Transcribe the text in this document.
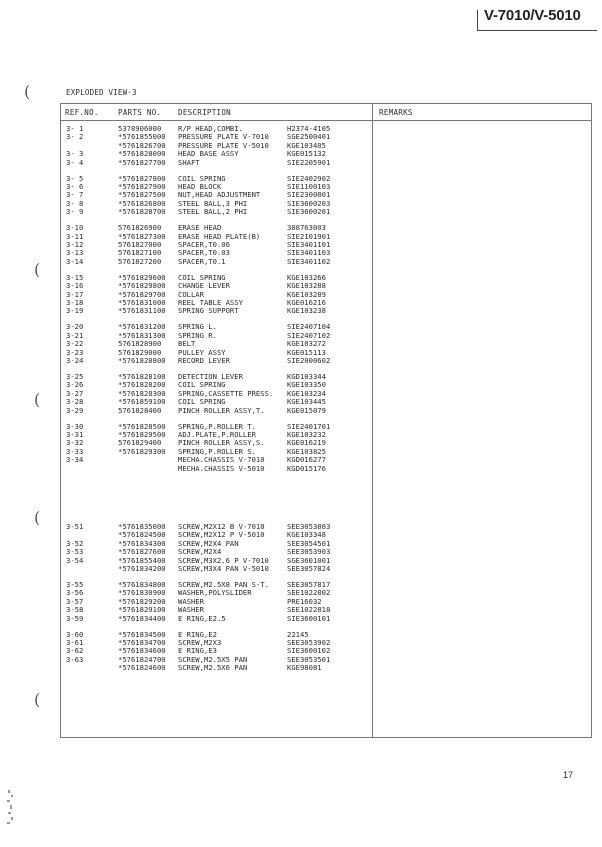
V-7010/V-5010
EXPLODED VIEW-3
REF.NO.	PARTS NO. DESCRIPTION	REMARKS
3- 1	5378906000 R/P HEAD,COMBI.	H2374-4105
3- 2	*5761855000 PRESSURE PLATE V-7010	SGE2500401
*5761826700 PRESSURE PLATE V-5010	KGE103405
3- 3	*5761828000 HEAD BASE ASSY	KGE015132
3- 4	*5761827700 SHAFT	SIE2205901
3- 5	*5761827800 COIL SPRING	SIE2402902
3- 6	*5761827900 HEAD BLOCK	SIE1100103
3- 7	*5761827500 NUT,HEAD ADJUSTMENT	SIE2300801
3- 8	*5761826800 STEEL BALL,3 PHI	SIE3600203
3- 9	*5761828700 STEEL BALL,2 PHI	SIE3600201
3-10	5761826900 ERASE HEAD	308763003
3-11	*5761827300 ERASE HEAD PLATE(B)	SIE2101901
3-12	5761827000 SPACER,T0.06	SIE3401101
3-13	5761827100 SPACER,T0.03	SIE3401103
3-14	5761827200 SPACER,T0.1	SIE3401102
3-15	*5761829600 COIL SPRING	KGE103266
3-16	*5761829800 CHANGE LEVER	KGE103288
3-17	*5761829700 COLLAR	KGE103289
3-18	*5761831000 REEL TABLE ASSY	KGE016216
3-19	*5761831100 SPRING SUPPORT	KGE103238
3-20	*5761831200 SPRING L.	SIE2407104
3-21	*5761831300 SPRING R.	SIE2407102
3-22	5761828900 BELT	KGE103272
3-23	5761829000 PULLEY ASSY	KGE015113
3-24	*5761828800 RECORD LEVER	SIE2000602
3-25	*5761828100 DETECTION LEVER	KGD103344
3-26	*5761828200 COIL SPRING	KGE103350
3-27	*5761828300 SPRING,CASSETTE PRESS. KGE103234
3-28	*5761859100 COIL SPRING	KGE103445
3-29	5761828400 PINCH ROLLER ASSY,T.	KGE015079
3-30	*5761828500 SPRING,P.ROLLER T.	SIE2401701
3-31	*5761829500 ADJ.PLATE,P.ROLLER	KGE103232
3-32	5761829400 PINCH ROLLER ASSY,S.	KGE016219
3-33	*5761829300 SPRING,P.ROLLER S.	KGE103825
3-34	MECHA.CHASSIS V-7010	KGD016277
MECHA.CHASSIS V-5010	KGD015176
3-51	*5761835000 SCREW,M2X12 B V-7010	SEE3053803
*5761824500 SCREW,M2X12 P V-5010	KGE103348
3-52	*5761834300 SCREW,M2X4 PAN	SEE3054501
3-53	*5761827600 SCREW,M2X4	SEE3053903
3-54	*5761855400 SCREW,M3X2.6 P V-7010	SGE3601001
*5761834200 SCREW,M3X4 PAN V-5010	SEE3057824
3-55	*5761834800 SCREW,M2.5X8 PAN S-T.	SEE3057817
3-56	*5761830900 WASHER,POLYSLIDER	SEE1022802
3-57	*5761829200 WASHER	PRE16032
3-58	*5761829100 WASHER	SEE1022818
3-59	*5761834400 E RING,E2.5	SIE3600101
3-60	*5761834500 E RING,E2	22145
3-61	*5761834700 SCREW,M2X3	SEE3053902
3-62	*5761834600 E RING,E3	SIE3600102
3-63	*5761824700 SCREW,M2.5X5 PAN	SEE3053501
*5761824600 SCREW,M2.5X6 PAN	KGE98081
17
(
(
(
(
(
